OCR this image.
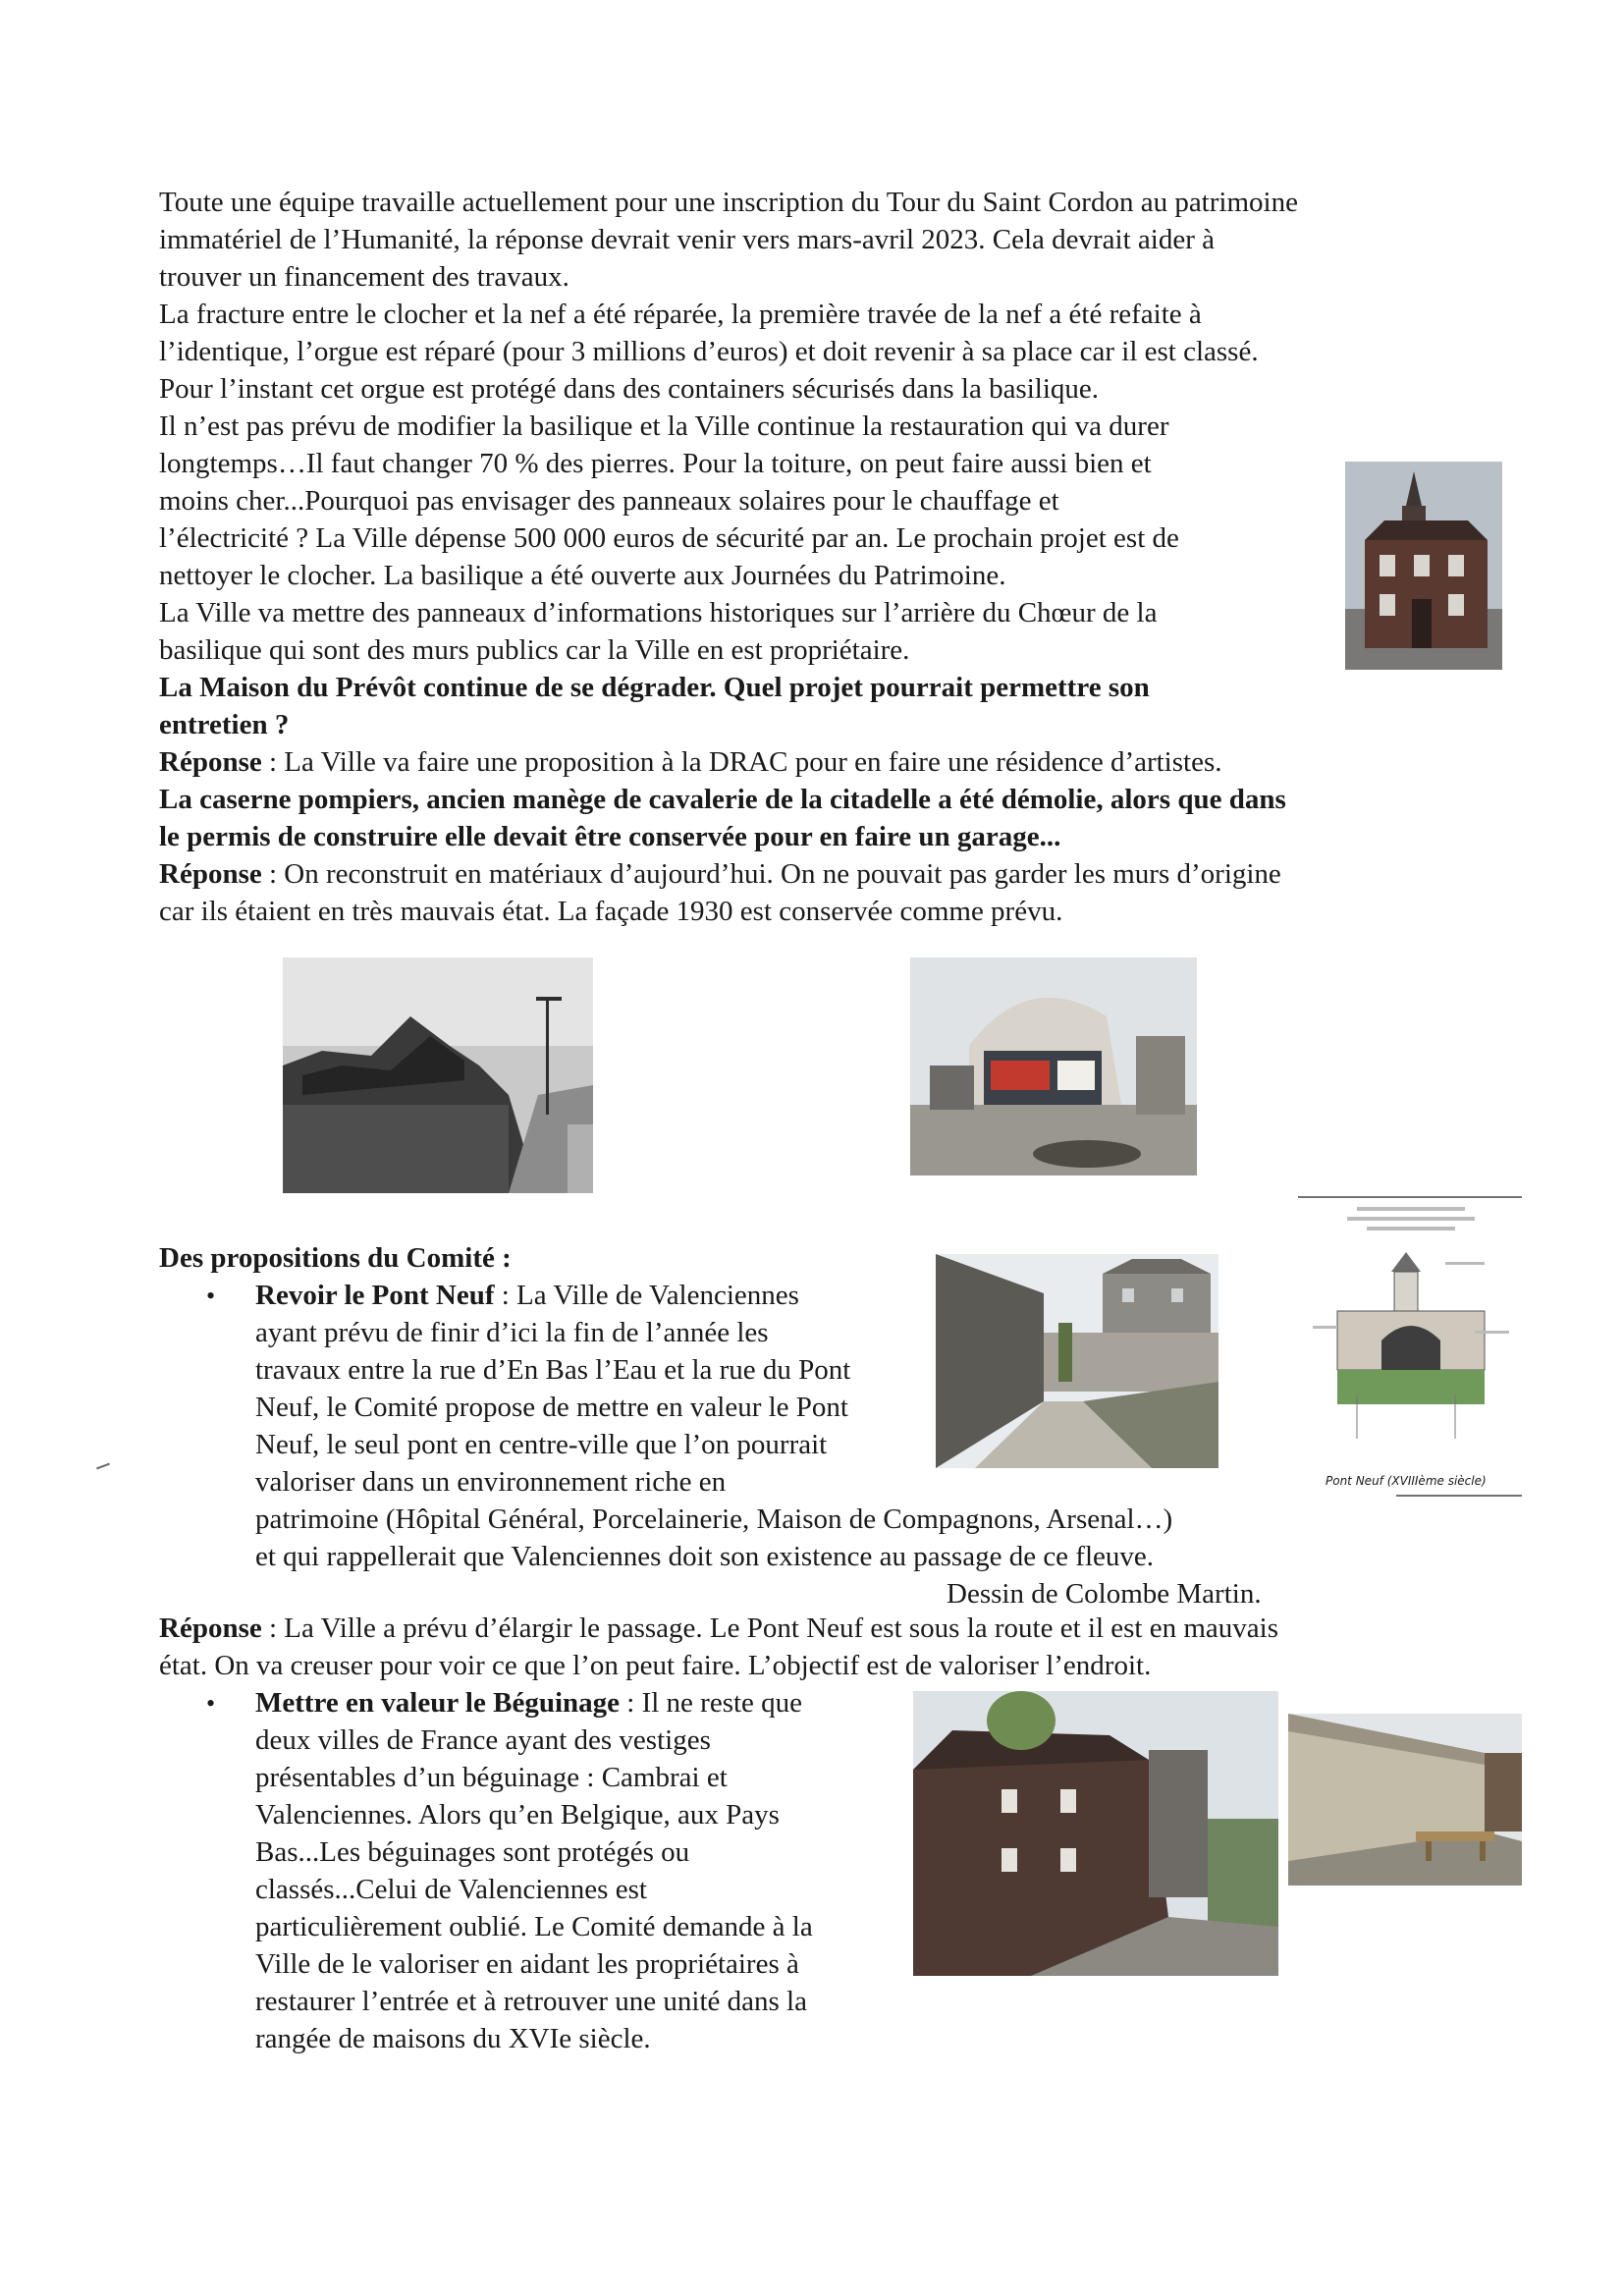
Toute une équipe travaille actuellement pour une inscription du Tour du Saint Cordon au patrimoine
immatériel de l’Humanité, la réponse devrait venir vers mars-avril 2023. Cela devrait aider à
trouver un financement des travaux.
La fracture entre le clocher et la nef a été réparée, la première travée de la nef a été refaite à
l’identique, l’orgue est réparé (pour 3 millions d’euros) et doit revenir à sa place car il est classé.
Pour l’instant cet orgue est protégé dans des containers sécurisés dans la basilique.
Il n’est pas prévu de modifier la basilique et la Ville continue la restauration qui va durer
longtemps…Il faut changer 70 % des pierres. Pour la toiture, on peut faire aussi bien et
moins cher...Pourquoi pas envisager des panneaux solaires pour le chauffage et
l’électricité ? La Ville dépense 500 000 euros de sécurité par an. Le prochain projet est de
nettoyer le clocher. La basilique a été ouverte aux Journées du Patrimoine.
La Ville va mettre des panneaux d’informations historiques sur l’arrière du Chœur de la
basilique qui sont des murs publics car la Ville en est propriétaire.
La Maison du Prévôt continue de se dégrader. Quel projet pourrait permettre son
entretien ?
Réponse : La Ville va faire une proposition à la DRAC pour en faire une résidence d’artistes.
La caserne pompiers, ancien manège de cavalerie de la citadelle a été démolie, alors que dans
le permis de construire elle devait être conservée pour en faire un garage...
Réponse : On reconstruit en matériaux d’aujourd’hui. On ne pouvait pas garder les murs d’origine
car ils étaient en très mauvais état. La façade 1930 est conservée comme prévu.
Des propositions du Comité :
• Revoir le Pont Neuf : La Ville de Valenciennes
ayant prévu de finir d’ici la fin de l’année les
travaux entre la rue d’En Bas l’Eau et la rue du Pont
Neuf, le Comité propose de mettre en valeur le Pont
Neuf, le seul pont en centre-ville que l’on pourrait
valoriser dans un environnement riche en
patrimoine (Hôpital Général, Porcelainerie, Maison de Compagnons, Arsenal…)
et qui rappellerait que Valenciennes doit son existence au passage de ce fleuve.
Dessin de Colombe Martin.
Pont Neuf (XVIIIème siècle)
Réponse : La Ville a prévu d’élargir le passage. Le Pont Neuf est sous la route et il est en mauvais
état. On va creuser pour voir ce que l’on peut faire. L’objectif est de valoriser l’endroit.
• Mettre en valeur le Béguinage : Il ne reste que
deux villes de France ayant des vestiges
présentables d’un béguinage : Cambrai et
Valenciennes. Alors qu’en Belgique, aux Pays
Bas...Les béguinages sont protégés ou
classés...Celui de Valenciennes est
particulièrement oublié. Le Comité demande à la
Ville de le valoriser en aidant les propriétaires à
restaurer l’entrée et à retrouver une unité dans la
rangée de maisons du XVIe siècle.
